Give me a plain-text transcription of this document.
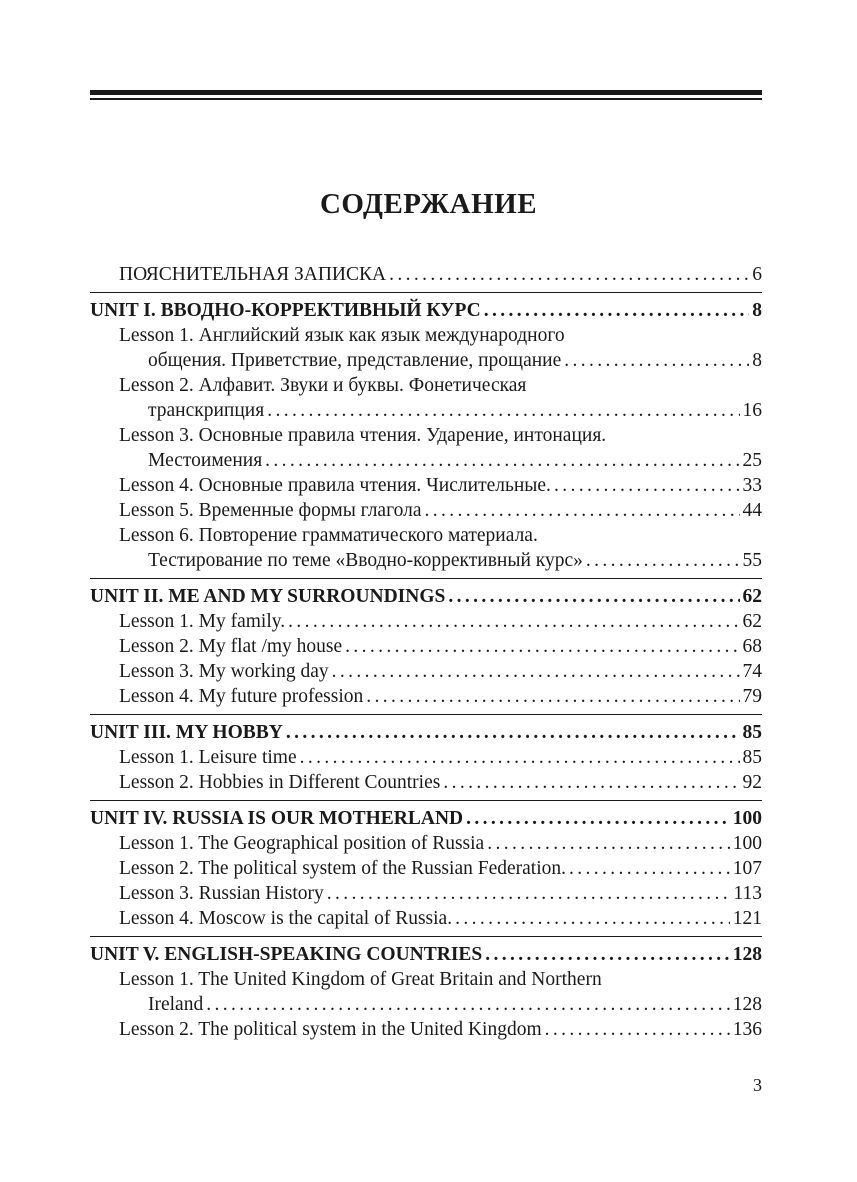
СОДЕРЖАНИЕ
ПОЯСНИТЕЛЬНАЯ ЗАПИСКА . . .	6
UNIT I. ВВОДНО-КОРРЕКТИВНЫЙ КУРС . . .	8
Lesson 1. Английский язык как язык международного
общения. Приветствие, представление, прощание . . .	8
Lesson 2. Алфавит. Звуки и буквы. Фонетическая
транскрипция . . .	16
Lesson 3. Основные правила чтения. Ударение, интонация.
Местоимения . . .	25
Lesson 4. Основные правила чтения. Числительные. . . .	33
Lesson 5. Временные формы глагола . . .	44
Lesson 6. Повторение грамматического материала.
Тестирование по теме «Вводно-коррективный курс» . . .	55
UNIT II. ME AND MY SURROUNDINGS . . .	62
Lesson 1. My family. . . .	62
Lesson 2. My flat /my house . . .	68
Lesson 3. My working day . . .	74
Lesson 4. My future profession . . .	79
UNIT III. MY HOBBY . . .	85
Lesson 1. Leisure time . . .	85
Lesson 2. Hobbies in Different Countries . . .	92
UNIT IV. RUSSIA IS OUR MOTHERLAND . . .	100
Lesson 1. The Geographical position of Russia . . .	100
Lesson 2. The political system of the Russian Federation. . . .	107
Lesson 3. Russian History . . .	113
Lesson 4. Moscow is the capital of Russia. . . .	121
UNIT V. ENGLISH-SPEAKING COUNTRIES . . .	128
Lesson 1. The United Kingdom of Great Britain and Northern
Ireland . . .	128
Lesson 2. The political system in the United Kingdom . . .	136
3
